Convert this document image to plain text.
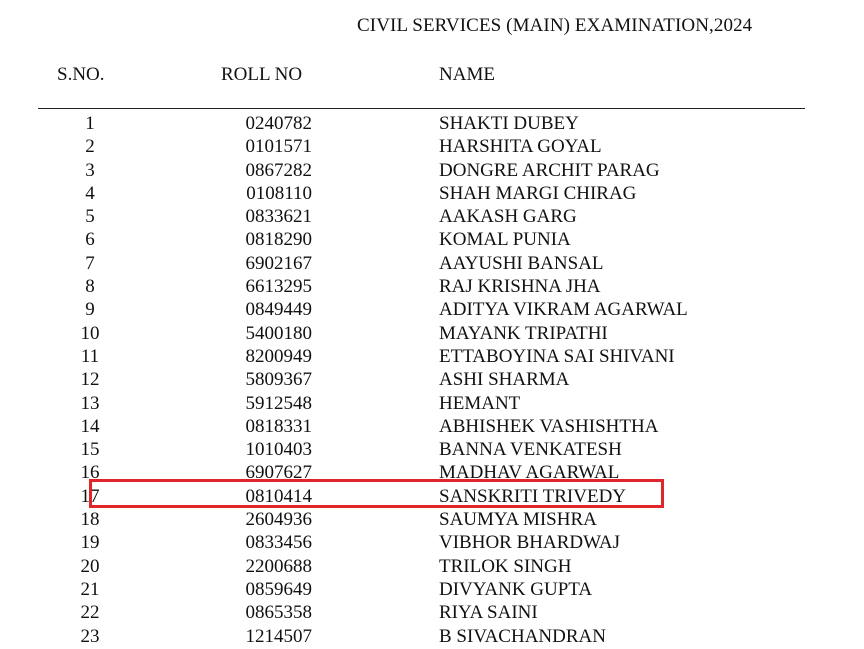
CIVIL SERVICES (MAIN) EXAMINATION,2024
S.NO.	ROLL NO	NAME
1	0240782	SHAKTI DUBEY
2	0101571	HARSHITA GOYAL
3	0867282	DONGRE ARCHIT PARAG
4	0108110	SHAH MARGI CHIRAG
5	0833621	AAKASH GARG
6	0818290	KOMAL PUNIA
7	6902167	AAYUSHI BANSAL
8	6613295	RAJ KRISHNA JHA
9	0849449	ADITYA VIKRAM AGARWAL
10	5400180	MAYANK TRIPATHI
11	8200949	ETTABOYINA SAI SHIVANI
12	5809367	ASHI SHARMA
13	5912548	HEMANT
14	0818331	ABHISHEK VASHISHTHA
15	1010403	BANNA VENKATESH
16	6907627	MADHAV AGARWAL
17	0810414	SANSKRITI TRIVEDY
18	2604936	SAUMYA MISHRA
19	0833456	VIBHOR BHARDWAJ
20	2200688	TRILOK SINGH
21	0859649	DIVYANK GUPTA
22	0865358	RIYA SAINI
23	1214507	B SIVACHANDRAN
